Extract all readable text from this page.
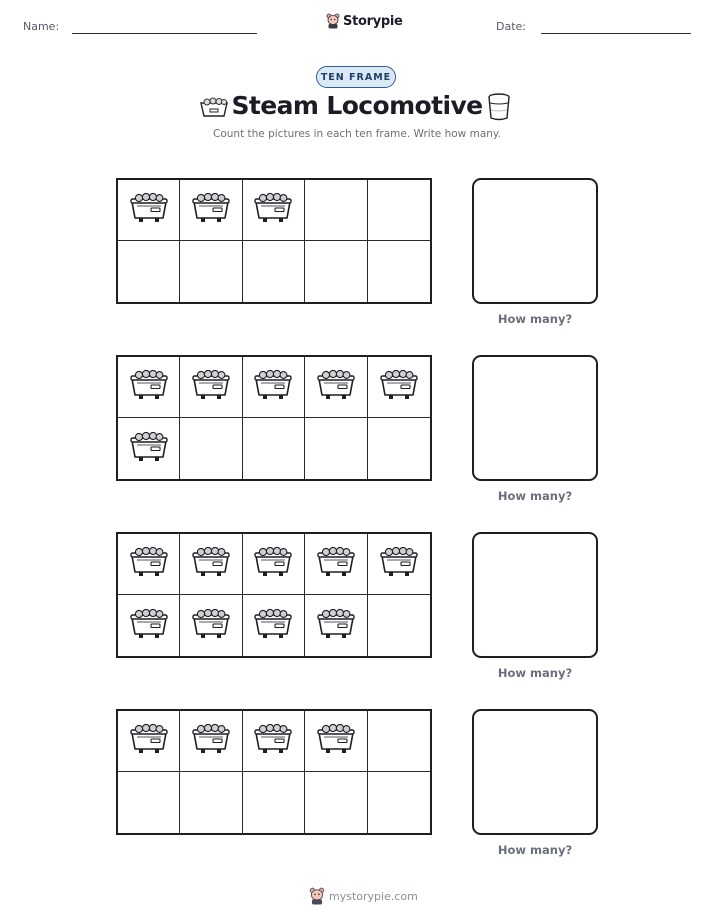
Name:	Storypie	Date:
TEN FRAME
Steam Locomotive
Count the pictures in each ten frame. Write how many.
How many?
How many?
How many?
How many?
mystorypie.com
